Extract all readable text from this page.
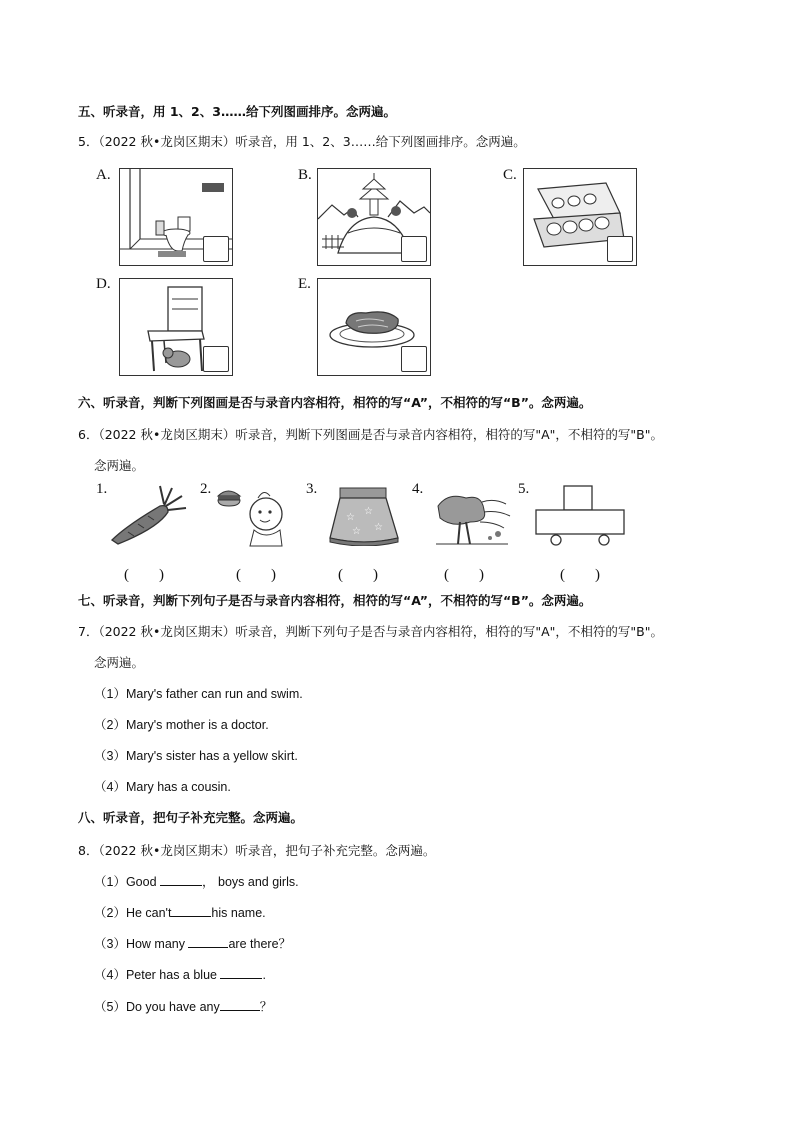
五、听录音，用 1、2、3……给下列图画排序。念两遍。
5．（2022 秋•龙岗区期末）听录音，用 1、2、3……给下列图画排序。念两遍。
A.	B.	C.
D.	E.
六、听录音，判断下列图画是否与录音内容相符，相符的写“A”，不相符的写“B”。念两遍。
6．（2022 秋•龙岗区期末）听录音，判断下列图画是否与录音内容相符，相符的写"A"，不相符的写"B"。
念两遍。
1.
(　　)
2.
(　　)
3.
☆
☆
☆
☆
(　　)
4.
(　　)
5.
(　　)
七、听录音，判断下列句子是否与录音内容相符，相符的写“A”，不相符的写“B”。念两遍。
7．（2022 秋•龙岗区期末）听录音，判断下列句子是否与录音内容相符，相符的写"A"，不相符的写"B"。
念两遍。
（1）Mary's father can run and swim.
（2）Mary's mother is a doctor.
（3）Mary's sister has a yellow skirt.
（4）Mary has a cousin.
八、听录音，把句子补充完整。念两遍。
8．（2022 秋•龙岗区期末）听录音，把句子补充完整。念两遍。
（1）Good	， boys and girls.
（2）He can't	his name.
（3）How many	are there？
（4）Peter has a blue	.
（5）Do you have any	？
